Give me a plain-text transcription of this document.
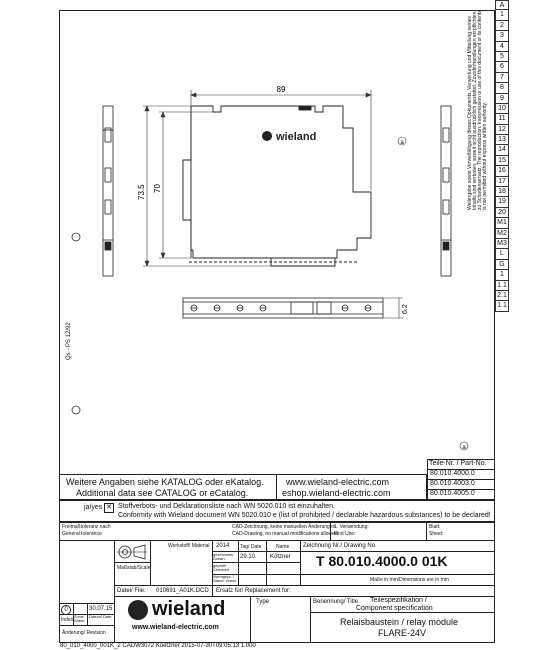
A
1
2
3
4
5
6
7
8
9
10
11
12
13
14
15
16
17
18
19
20
M1
M2
M3
L
G
1
1.1
2.1
1.1
Weitergabe sowie Vervielfältigung dieses Dokuments, Verwertung und Mitteilung seines Inhalts sind verboten, soweit nicht ausdrücklich gestattet. Zuwiderhandlungen verpflichten zu Schadensersatz. The reproduction, transmission or use of this document or its contents is not permitted without express written authority.
Qs - PS 12/92
wieland
89
73.5 70
a
6.2
a
Teile-Nr. / Part-No.
80.010.4000.0
80.010.4003.0
80.010.4005.0
Weitere Angaben siehe KATALOG oder eKatalog.
Additional data see CATALOG or eCatalog.
www.wieland-electric.com
eshop.wieland-electric.com
ja/yes ✕ Stoffverbots- und Deklarationsliste nach WN 5020.010 ist einzuhalten.
Conformity with Wieland document WN 5020.010 e (list of prohibited / declarable hazardous substances) to be declared!
Freimaßtoleranz nach
General tolerance
CAD-Zeichnung, keine manuellen Änderungen
CAD-Drawing, no manual modifications allowed
1. Verwendung:
First Use:
Blatt:
Sheet:
Maßstab/Scale
Werkstoff/ Material 2014 Tag/ Date	Name
gezeichnet/ Drawn	29.10. Kötzner
geprüft/ Checked
Normgepr. / Stand. check
Zeichnung Nr./ Drawing No.
T 80.010.4000.0 01K
Maße in mm/Dimensions are in mm
Datei/ File: 010691_A01K.DCD Ersatz für/ Replacement for:
0	30.07.15
Index
Zone/ Sheet
Datum/ Date
Änderung/ Revision
wieland
www.wieland-electric.com
Type	Benennung/ Title Teilespezifikation /
Component specification
Relaisbaustein / relay module
FLARE-24V
80_010_4000_001K_2 CADW3072 Koetzner 2015-07-30T09:05:13 1.000
